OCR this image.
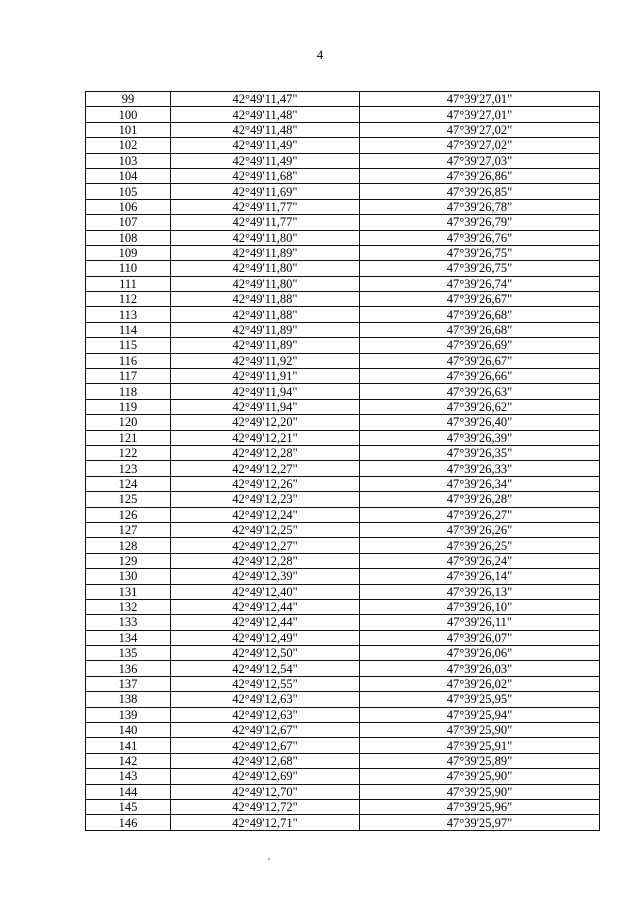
4
99	42°49'11,47"	47°39'27,01"
100	42°49'11,48"	47°39'27,01"
101	42°49'11,48"	47°39'27,02"
102	42°49'11,49"	47°39'27,02"
103	42°49'11,49"	47°39'27,03"
104	42°49'11,68"	47°39'26,86"
105	42°49'11,69"	47°39'26,85"
106	42°49'11,77"	47°39'26,78"
107	42°49'11,77"	47°39'26,79"
108	42°49'11,80"	47°39'26,76"
109	42°49'11,89"	47°39'26,75"
110	42°49'11,80"	47°39'26,75"
111	42°49'11,80"	47°39'26,74"
112	42°49'11,88"	47°39'26,67"
113	42°49'11,88"	47°39'26,68"
114	42°49'11,89"	47°39'26,68"
115	42°49'11,89"	47°39'26,69"
116	42°49'11,92"	47°39'26,67"
117	42°49'11,91"	47°39'26,66"
118	42°49'11,94"	47°39'26,63"
119	42°49'11,94"	47°39'26,62"
120	42°49'12,20"	47°39'26,40"
121	42°49'12,21"	47°39'26,39"
122	42°49'12,28"	47°39'26,35"
123	42°49'12,27"	47°39'26,33"
124	42°49'12,26"	47°39'26,34"
125	42°49'12,23"	47°39'26,28"
126	42°49'12,24"	47°39'26,27"
127	42°49'12,25"	47°39'26,26"
128	42°49'12,27"	47°39'26,25"
129	42°49'12,28"	47°39'26,24"
130	42°49'12,39"	47°39'26,14"
131	42°49'12,40"	47°39'26,13"
132	42°49'12,44"	47°39'26,10"
133	42°49'12,44"	47°39'26,11"
134	42°49'12,49"	47°39'26,07"
135	42°49'12,50"	47°39'26,06"
136	42°49'12,54"	47°39'26,03"
137	42°49'12,55"	47°39'26,02"
138	42°49'12,63"	47°39'25,95"
139	42°49'12,63"	47°39'25,94"
140	42°49'12,67"	47°39'25,90"
141	42°49'12,67"	47°39'25,91"
142	42°49'12,68"	47°39'25,89"
143	42°49'12,69"	47°39'25,90"
144	42°49'12,70"	47°39'25,90"
145	42°49'12,72"	47°39'25,96"
146	42°49'12,71"	47°39'25,97"
